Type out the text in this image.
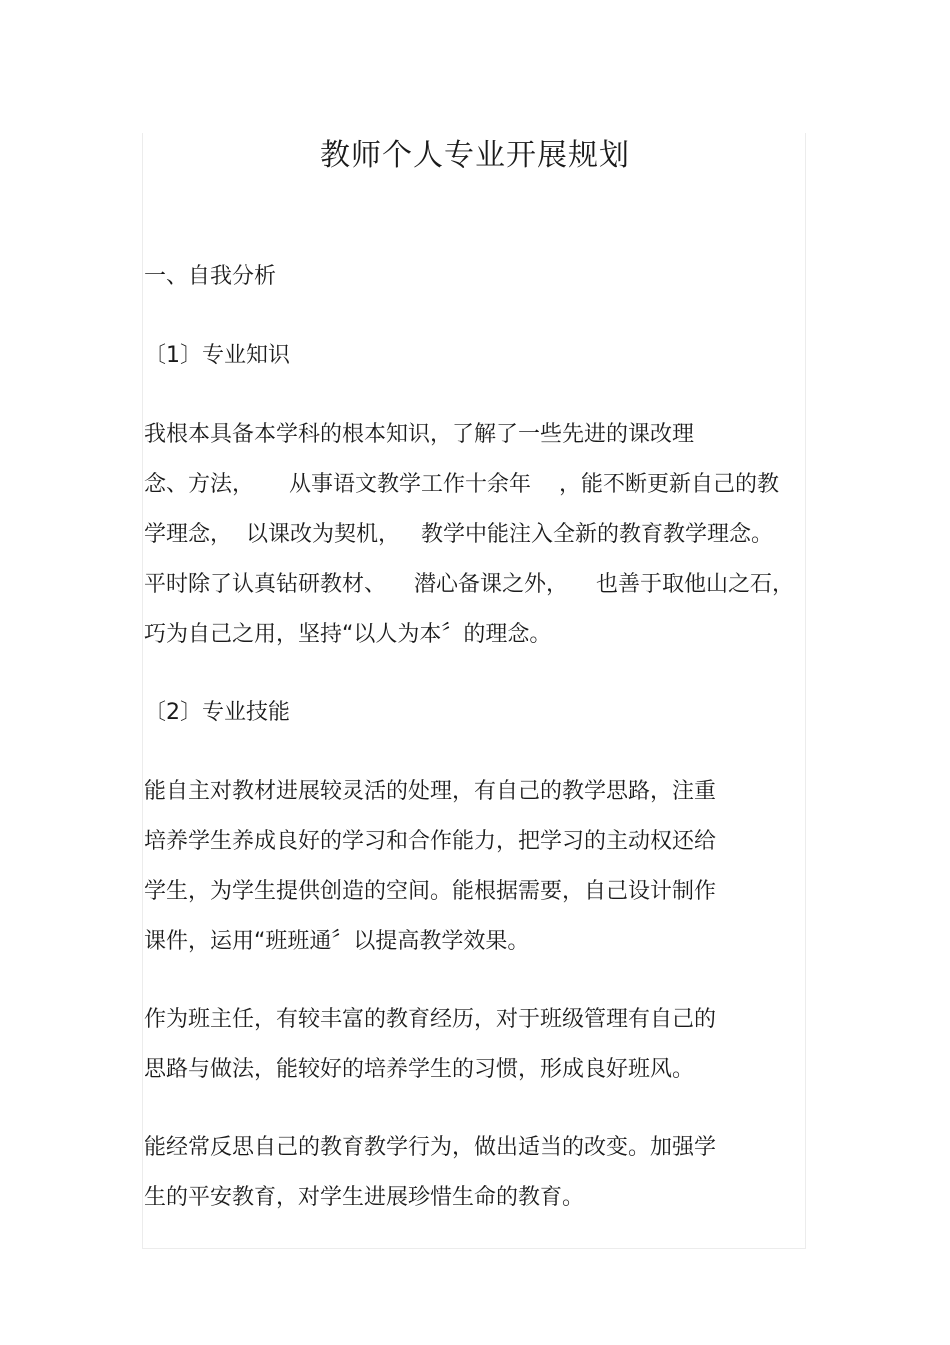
教师个人专业开展规划
一、自我分析
〔1〕专业知识
我根本具备本学科的根本知识，了解了一些先进的课改理
念、方法，     从事语文教学工作十余年    ，能不断更新自己的教
学理念，  以课改为契机，   教学中能注入全新的教育教学理念。
平时除了认真钻研教材、    潜心备课之外，    也善于取他山之石，
巧为自己之用，坚持“以人为本〞的理念。
〔2〕专业技能
能自主对教材进展较灵活的处理，有自己的教学思路，注重
培养学生养成良好的学习和合作能力，把学习的主动权还给
学生，为学生提供创造的空间。能根据需要，自己设计制作
课件，运用“班班通〞以提高教学效果。
作为班主任，有较丰富的教育经历，对于班级管理有自己的
思路与做法，能较好的培养学生的习惯，形成良好班风。
能经常反思自己的教育教学行为，做出适当的改变。加强学
生的平安教育，对学生进展珍惜生命的教育。
